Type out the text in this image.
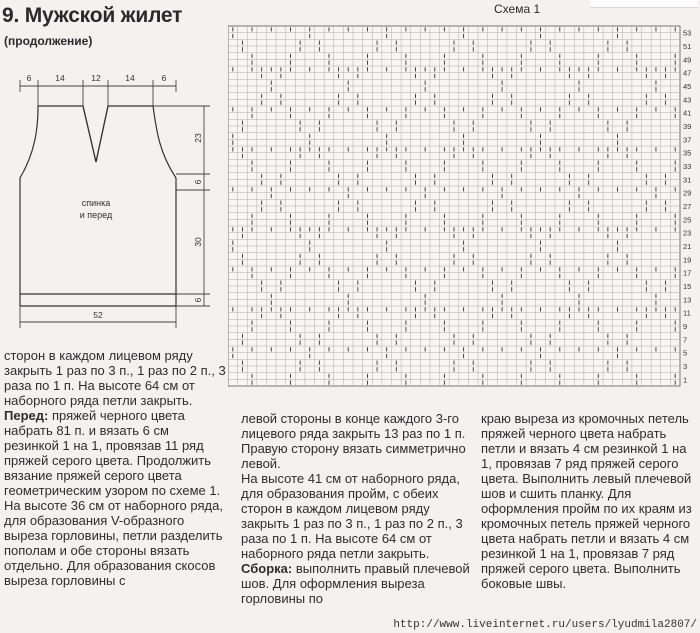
9. Мужской жилет
(продолжение)
Схема 1
6	14	12	14	6
23
6
30
6
52
спинка
и перед
53
51
49
47
45
43
41
39
37
35
33
31
29
27
25
23
21
19
17
15
13
11
9
7
5
3
1

сторон в каждом лицевом ряду закрыть 1 раз по 3 п., 1 раз по 2 п., 3 раза по 1 п. На высоте 64 см от наборного ряда петли закрыть.

Перед: пряжей черного цвета набрать 81 п. и вязать 6 см резинкой 1 на 1, провязав 11 ряд пряжей серого цвета. Продолжить вязание пряжей серого цвета геометрическим узором по схеме 1. На высоте 36 см от наборного ряда, для образования V-образного выреза горловины, петли разделить пополам и обе стороны вязать отдельно. Для образования скосов выреза горловины с

левой стороны в конце каждого 3-го лицевого ряда закрыть 13 раз по 1 п. Правую сторону вязать симметрично левой.

На высоте 41 см от наборного ряда, для образования пройм, с обеих сторон в каждом лицевом ряду закрыть 1 раз по 3 п., 1 раз по 2 п., 3 раза по 1 п. На высоте 64 см от наборного ряда петли закрыть.

Сборка: выполнить правый плечевой шов. Для оформления выреза горловины по

краю выреза из кромочных петель пряжей черного цвета набрать петли и вязать 4 см резинкой 1 на 1, провязав 7 ряд пряжей серого цвета. Выполнить левый плечевой шов и сшить планку. Для оформления пройм по их краям из кромочных петель пряжей черного цвета набрать петли и вязать 4 см резинкой 1 на 1, провязав 7 ряд пряжей серого цвета. Выполнить боковые швы.

http://www.liveinternet.ru/users/lyudmila2807/
